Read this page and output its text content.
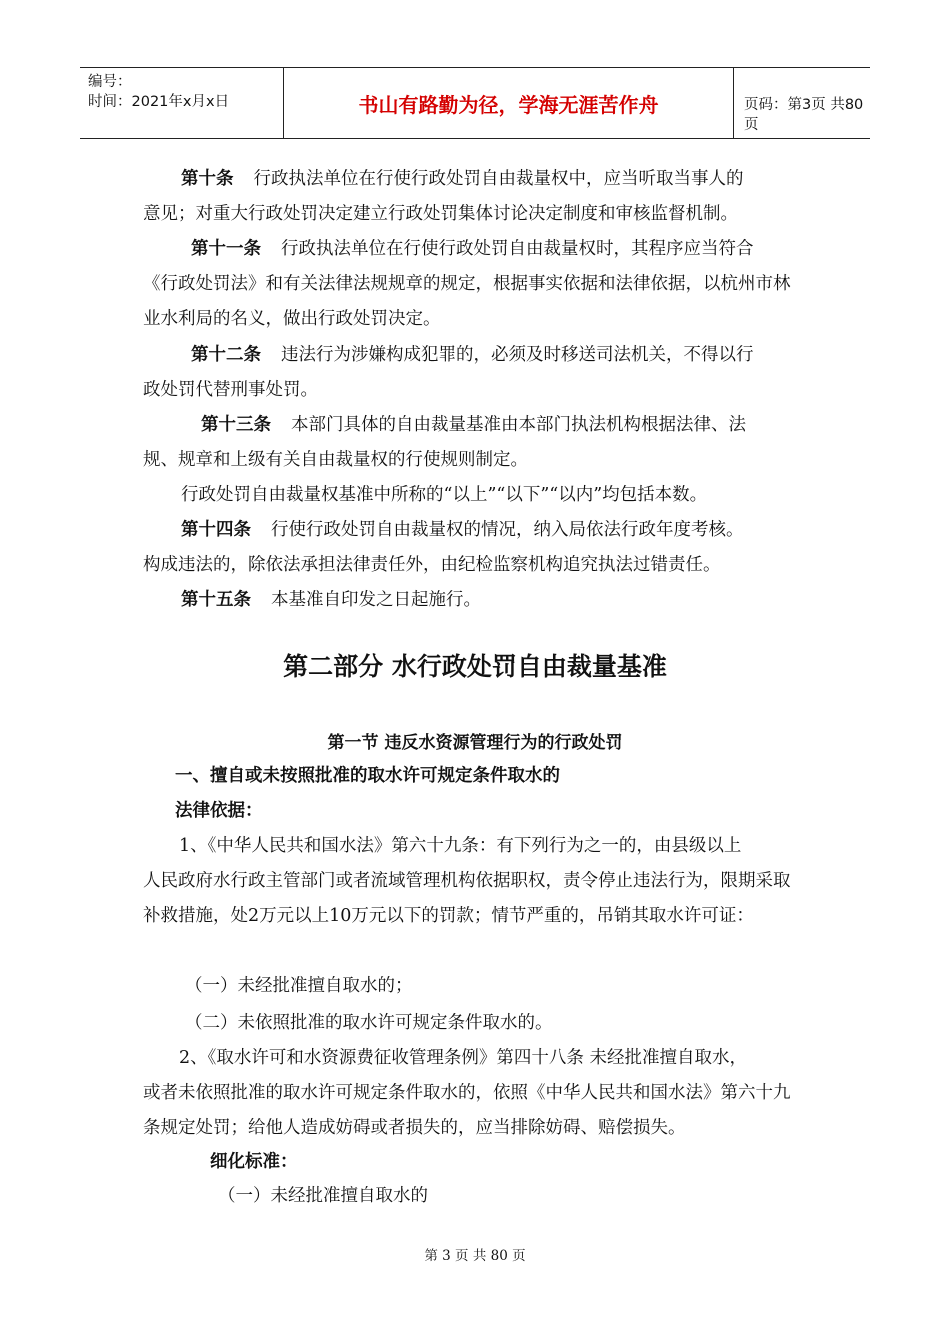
编号：
时间：2021年x月x日	书山有路勤为径，学海无涯苦作舟	页码：第3页 共80页

第十条 行政执法单位在行使行政处罚自由裁量权中，应当听取当事人的
意见；对重大行政处罚决定建立行政处罚集体讨论决定制度和审核监督机制。

第十一条 行政执法单位在行使行政处罚自由裁量权时，其程序应当符合
《行政处罚法》和有关法律法规规章的规定，根据事实依据和法律依据，以杭州市林业水利局的名义，做出行政处罚决定。

第十二条 违法行为涉嫌构成犯罪的，必须及时移送司法机关，不得以行
政处罚代替刑事处罚。

第十三条 本部门具体的自由裁量基准由本部门执法机构根据法律、法
规、规章和上级有关自由裁量权的行使规则制定。

行政处罚自由裁量权基准中所称的“以上”“以下”“以内”均包括本数。

第十四条 行使行政处罚自由裁量权的情况，纳入局依法行政年度考核。
构成违法的，除依法承担法律责任外，由纪检监察机构追究执法过错责任。

第十五条 本基准自印发之日起施行。

第二部分 水行政处罚自由裁量基准
第一节 违反水资源管理行为的行政处罚
一、擅自或未按照批准的取水许可规定条件取水的
法律依据：

1、《中华人民共和国水法》第六十九条：有下列行为之一的，由县级以上
人民政府水行政主管部门或者流域管理机构依据职权，责令停止违法行为，限期采取补救措施，处2万元以上10万元以下的罚款；情节严重的，吊销其取水许可证：

（一）未经批准擅自取水的；

（二）未依照批准的取水许可规定条件取水的。

2、《取水许可和水资源费征收管理条例》第四十八条 未经批准擅自取水，
或者未依照批准的取水许可规定条件取水的，依照《中华人民共和国水法》第六十九条规定处罚；给他人造成妨碍或者损失的，应当排除妨碍、赔偿损失。

细化标准：

（一）未经批准擅自取水的

第 3 页 共 80 页
